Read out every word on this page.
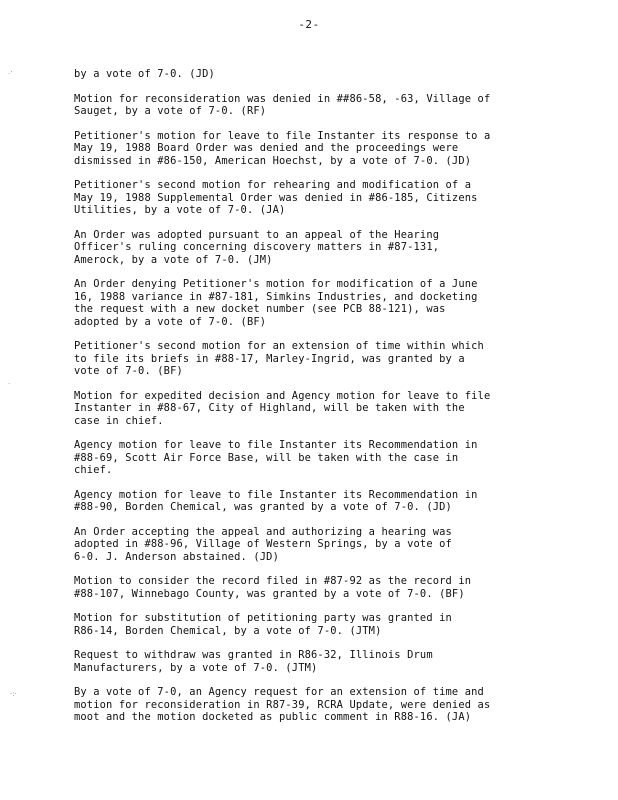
-2-
·ʼ
·
·:·

by a vote of 7-0. (JD)

Motion for reconsideration was denied in ##86-58, -63, Village of
Sauget, by a vote of 7-0. (RF)

Petitioner's motion for leave to file Instanter its response to a
May 19, 1988 Board Order was denied and the proceedings were
dismissed in #86-150, American Hoechst, by a vote of 7-0. (JD)

Petitioner's second motion for rehearing and modification of a
May 19, 1988 Supplemental Order was denied in #86-185, Citizens
Utilities, by a vote of 7-0. (JA)

An Order was adopted pursuant to an appeal of the Hearing
Officer's ruling concerning discovery matters in #87-131,
Amerock, by a vote of 7-0. (JM)

An Order denying Petitioner's motion for modification of a June
16, 1988 variance in #87-181, Simkins Industries, and docketing
the request with a new docket number (see PCB 88-121), was
adopted by a vote of 7-0. (BF)

Petitioner's second motion for an extension of time within which
to file its briefs in #88-17, Marley-Ingrid, was granted by a
vote of 7-0. (BF)

Motion for expedited decision and Agency motion for leave to file
Instanter in #88-67, City of Highland, will be taken with the
case in chief.

Agency motion for leave to file Instanter its Recommendation in
#88-69, Scott Air Force Base, will be taken with the case in
chief.

Agency motion for leave to file Instanter its Recommendation in
#88-90, Borden Chemical, was granted by a vote of 7-0. (JD)

An Order accepting the appeal and authorizing a hearing was
adopted in #88-96, Village of Western Springs, by a vote of
6-0. J. Anderson abstained. (JD)

Motion to consider the record filed in #87-92 as the record in
#88-107, Winnebago County, was granted by a vote of 7-0. (BF)

Motion for substitution of petitioning party was granted in
R86-14, Borden Chemical, by a vote of 7-0. (JTM)

Request to withdraw was granted in R86-32, Illinois Drum
Manufacturers, by a vote of 7-0. (JTM)

By a vote of 7-0, an Agency request for an extension of time and
motion for reconsideration in R87-39, RCRA Update, were denied as
moot and the motion docketed as public comment in R88-16. (JA)
